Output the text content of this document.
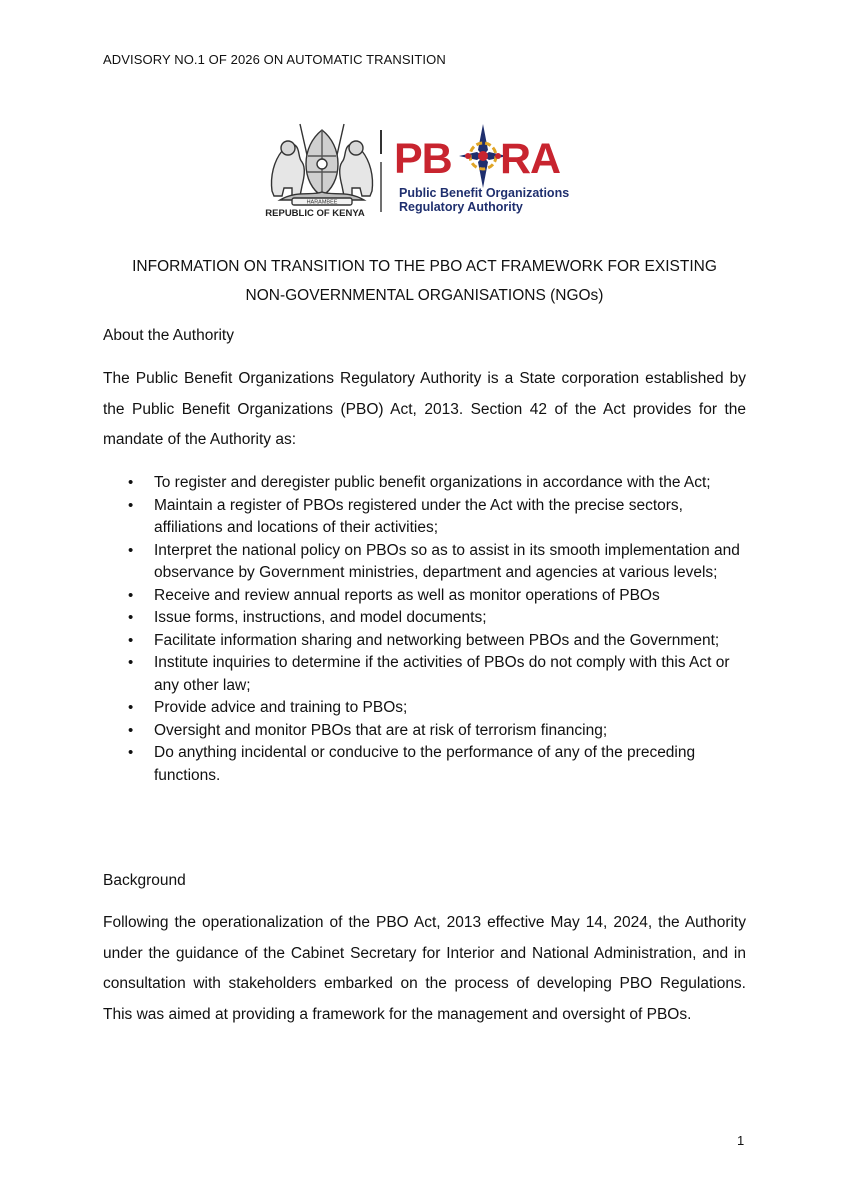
ADVISORY NO.1 OF 2026 ON AUTOMATIC TRANSITION
HARAMBEE
REPUBLIC OF KENYA
PB RA
Public Benefit Organizations
Regulatory Authority
INFORMATION ON TRANSITION TO THE PBO ACT FRAMEWORK FOR EXISTING
NON-GOVERNMENTAL ORGANISATIONS (NGOs)
About the Authority
The Public Benefit Organizations Regulatory Authority is a State corporation established by the Public Benefit Organizations (PBO) Act, 2013. Section 42 of the Act provides for the mandate of the Authority as:
• To register and deregister public benefit organizations in accordance with the Act;
• Maintain a register of PBOs registered under the Act with the precise sectors, affiliations and locations of their activities;
• Interpret the national policy on PBOs so as to assist in its smooth implementation and observance by Government ministries, department and agencies at various levels;
• Receive and review annual reports as well as monitor operations of PBOs
• Issue forms, instructions, and model documents;
• Facilitate information sharing and networking between PBOs and the Government;
• Institute inquiries to determine if the activities of PBOs do not comply with this Act or any other law;
• Provide advice and training to PBOs;
• Oversight and monitor PBOs that are at risk of terrorism financing;
• Do anything incidental or conducive to the performance of any of the preceding functions.
Background
Following the operationalization of the PBO Act, 2013 effective May 14, 2024, the Authority under the guidance of the Cabinet Secretary for Interior and National Administration, and in consultation with stakeholders embarked on the process of developing PBO Regulations. This was aimed at providing a framework for the management and oversight of PBOs.
1
